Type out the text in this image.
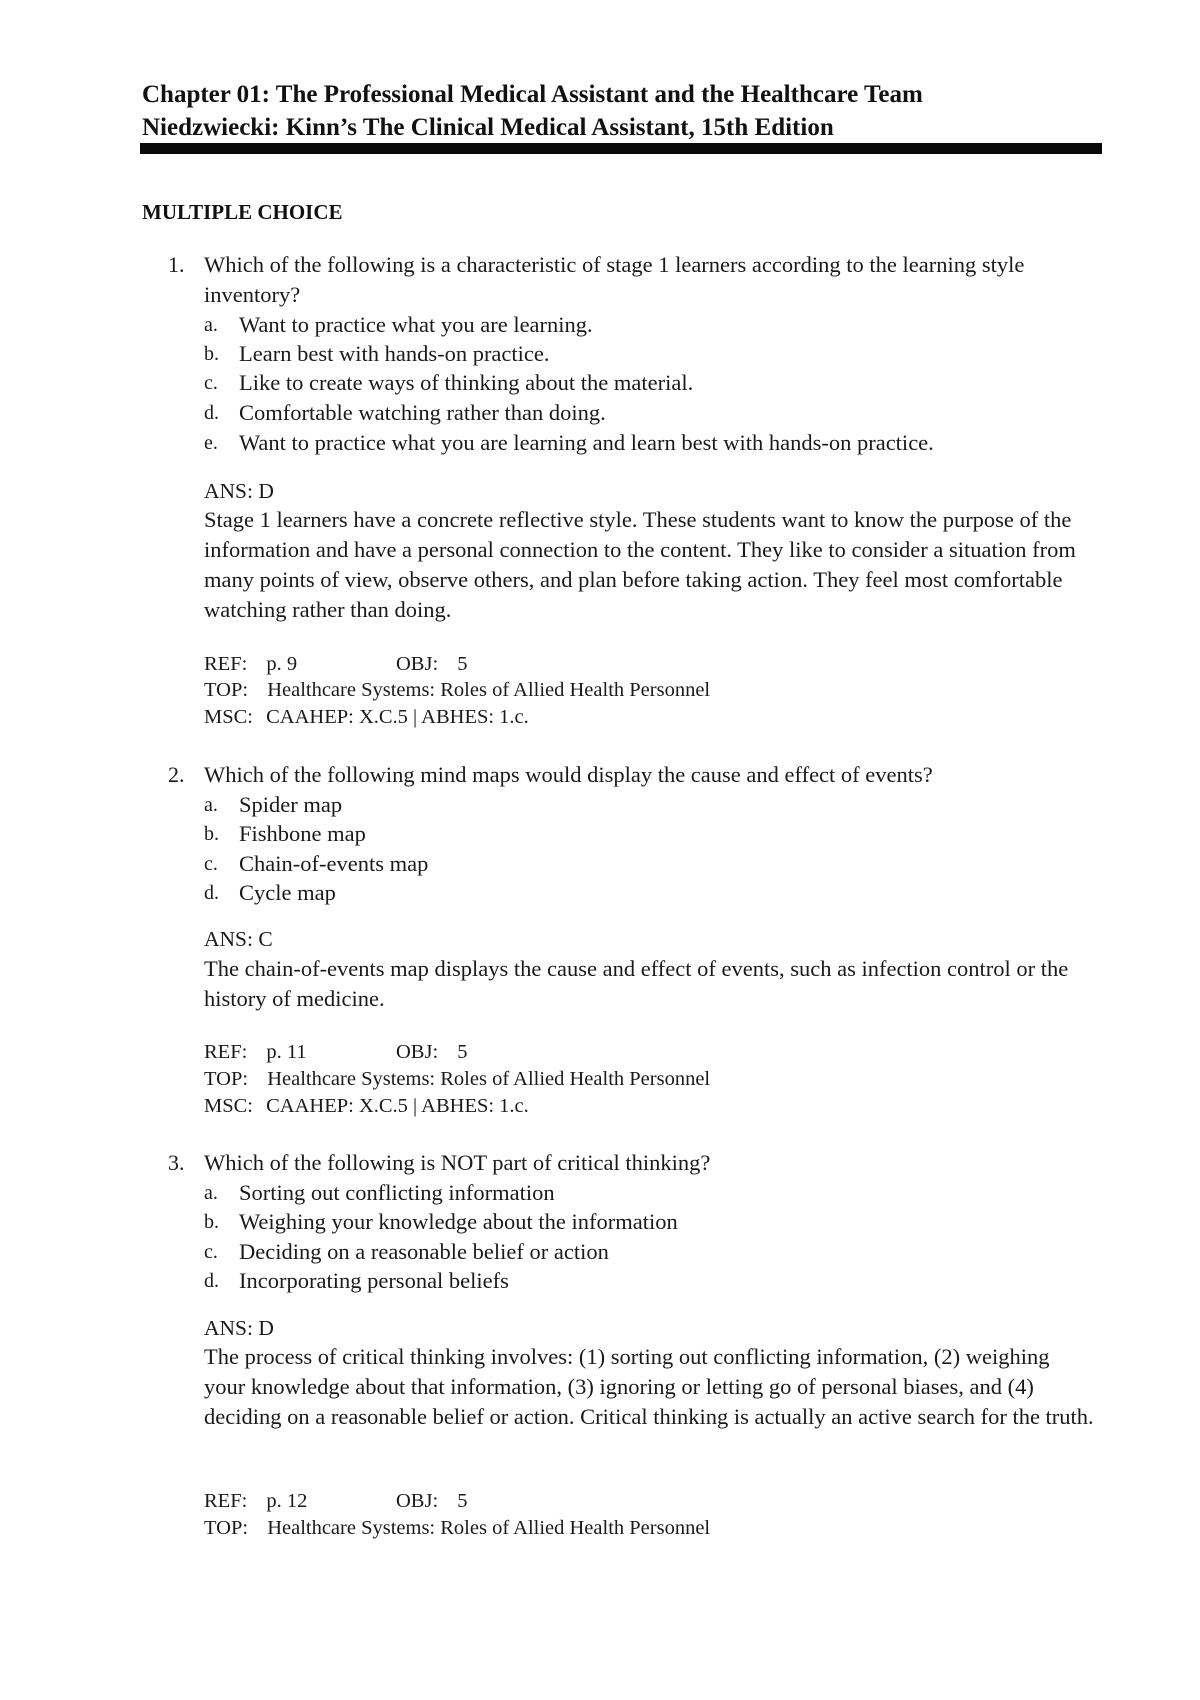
Chapter 01: The Professional Medical Assistant and the Healthcare Team
Niedzwiecki: Kinn’s The Clinical Medical Assistant, 15th Edition
MULTIPLE CHOICE
1. Which of the following is a characteristic of stage 1 learners according to the learning style inventory?
a. Want to practice what you are learning.
b. Learn best with hands-on practice.
c. Like to create ways of thinking about the material.
d. Comfortable watching rather than doing.
e. Want to practice what you are learning and learn best with hands-on practice.
ANS: D
Stage 1 learners have a concrete reflective style. These students want to know the purpose of the information and have a personal connection to the content. They like to consider a situation from many points of view, observe others, and plan before taking action. They feel most comfortable watching rather than doing.
REF: p. 9	OBJ: 5
TOP: Healthcare Systems: Roles of Allied Health Personnel
MSC: CAAHEP: X.C.5 | ABHES: 1.c.
2. Which of the following mind maps would display the cause and effect of events?
a. Spider map
b. Fishbone map
c. Chain-of-events map
d. Cycle map
ANS: C
The chain-of-events map displays the cause and effect of events, such as infection control or the history of medicine.
REF: p. 11	OBJ: 5
TOP: Healthcare Systems: Roles of Allied Health Personnel
MSC: CAAHEP: X.C.5 | ABHES: 1.c.
3. Which of the following is NOT part of critical thinking?
a. Sorting out conflicting information
b. Weighing your knowledge about the information
c. Deciding on a reasonable belief or action
d. Incorporating personal beliefs
ANS: D
The process of critical thinking involves: (1) sorting out conflicting information, (2) weighing your knowledge about that information, (3) ignoring or letting go of personal biases, and (4) deciding on a reasonable belief or action. Critical thinking is actually an active search for the truth.
REF: p. 12	OBJ: 5
TOP: Healthcare Systems: Roles of Allied Health Personnel
